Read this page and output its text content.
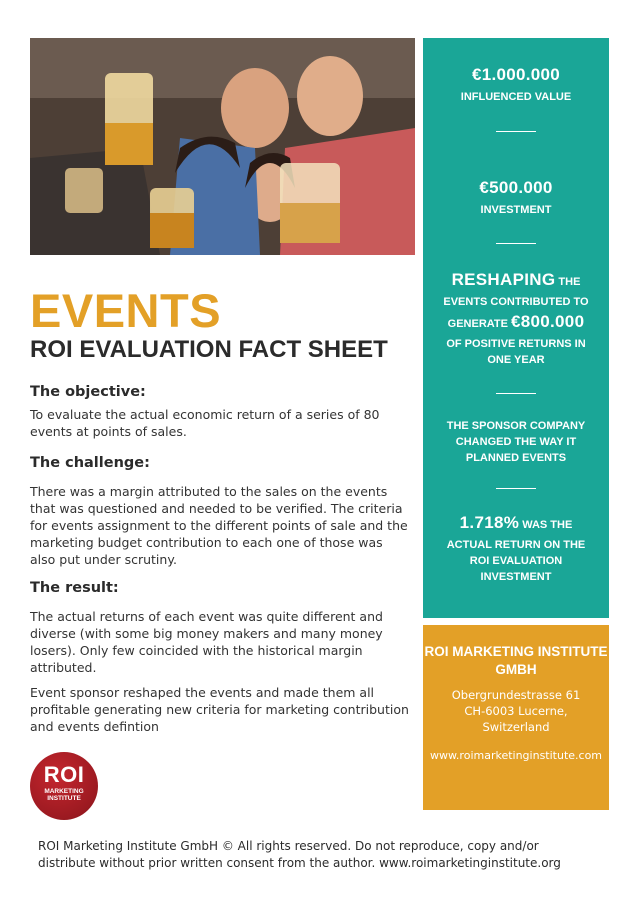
€1.000.000
INFLUENCED VALUE
€500.000
INVESTMENT
RESHAPING THE
EVENTS CONTRIBUTED TO
GENERATE €800.000
OF POSITIVE RETURNS IN ONE YEAR
THE SPONSOR COMPANY CHANGED THE WAY IT PLANNED EVENTS
1.718% WAS THE
ACTUAL RETURN ON THE ROI EVALUATION INVESTMENT
ROI MARKETING INSTITUTE GMBH
Obergrundestrasse 61
CH-6003 Lucerne,
Switzerland
www.roimarketinginstitute.com
EVENTS
ROI EVALUATION FACT SHEET
The objective:
To evaluate the actual economic return of a series of 80 events at points of sales.
The challenge:
There was a margin attributed to the sales on the events that was questioned and needed to be verified. The criteria for events assignment to the different points of sale and the marketing budget contribution to each one of those was also put under scrutiny.
The result:
The actual returns of each event was quite different and diverse (with some big money makers and many money losers). Only few coincided with the historical margin attributed.
Event sponsor reshaped the events and made them all profitable generating new criteria for marketing contribution and events defintion
ROI
MARKETING
INSTITUTE
ROI Marketing Institute GmbH © All rights reserved. Do not reproduce, copy and/or distribute without prior written consent from the author. www.roimarketinginstitute.org
